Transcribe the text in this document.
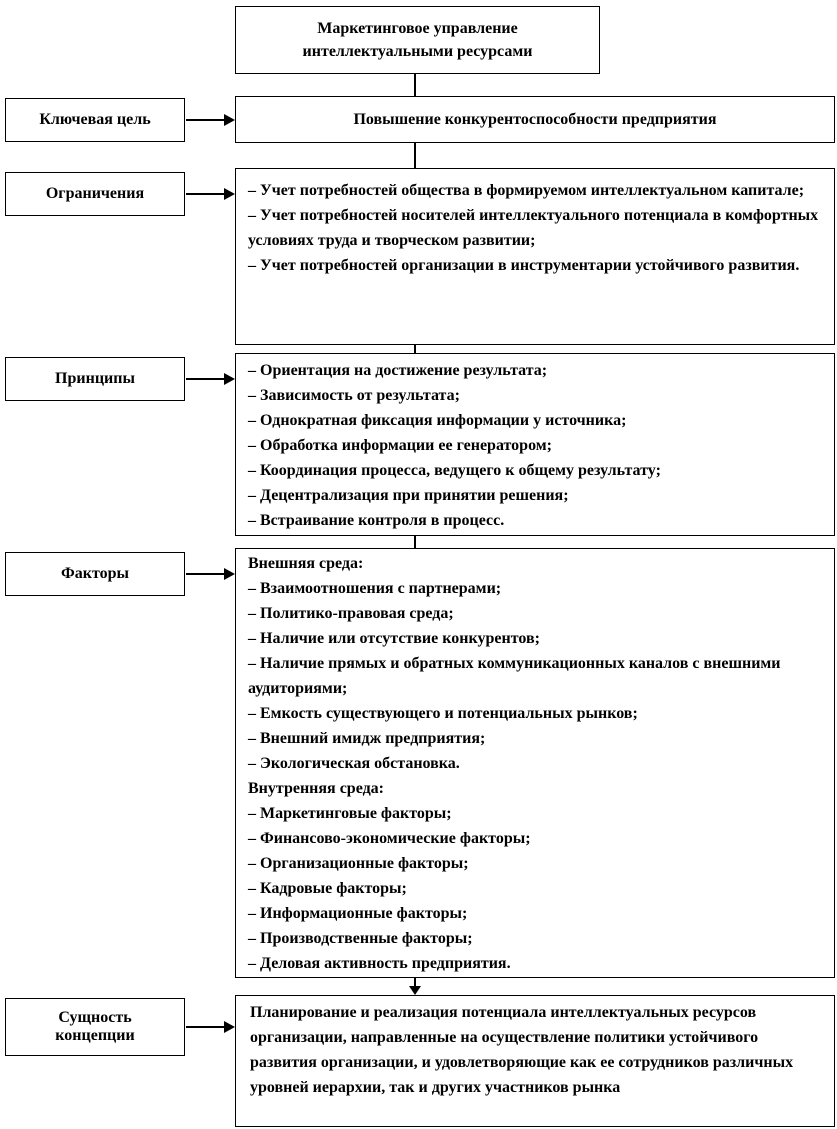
Маркетинговое управление интеллектуальными ресурсами
Ключевая цель	Повышение конкурентоспособности предприятия
Ограничения	– Учет потребностей общества в формируемом интеллектуальном капитале;
– Учет потребностей носителей интеллектуального потенциала в комфортных условиях труда и творческом развитии;
– Учет потребностей организации в инструментарии устойчивого развития.
Принципы	– Ориентация на достижение результата;
– Зависимость от результата;
– Однократная фиксация информации у источника;
– Обработка информации ее генератором;
– Координация процесса, ведущего к общему результату;
– Децентрализация при принятии решения;
– Встраивание контроля в процесс.
Факторы
Внешняя среда:
– Взаимоотношения с партнерами;
– Политико-правовая среда;
– Наличие или отсутствие конкурентов;
– Наличие прямых и обратных коммуникационных каналов с внешними аудиториями;
– Емкость существующего и потенциальных рынков;
– Внешний имидж предприятия;
– Экологическая обстановка.
Внутренняя среда:
– Маркетинговые факторы;
– Финансово-экономические факторы;
– Организационные факторы;
– Кадровые факторы;
– Информационные факторы;
– Производственные факторы;
– Деловая активность предприятия.
Сущность концепции
Планирование и реализация потенциала интеллектуальных ресурсов организации, направленные на осуществление политики устойчивого развития организации, и удовлетворяющие как ее сотрудников различных уровней иерархии, так и других участников рынка
